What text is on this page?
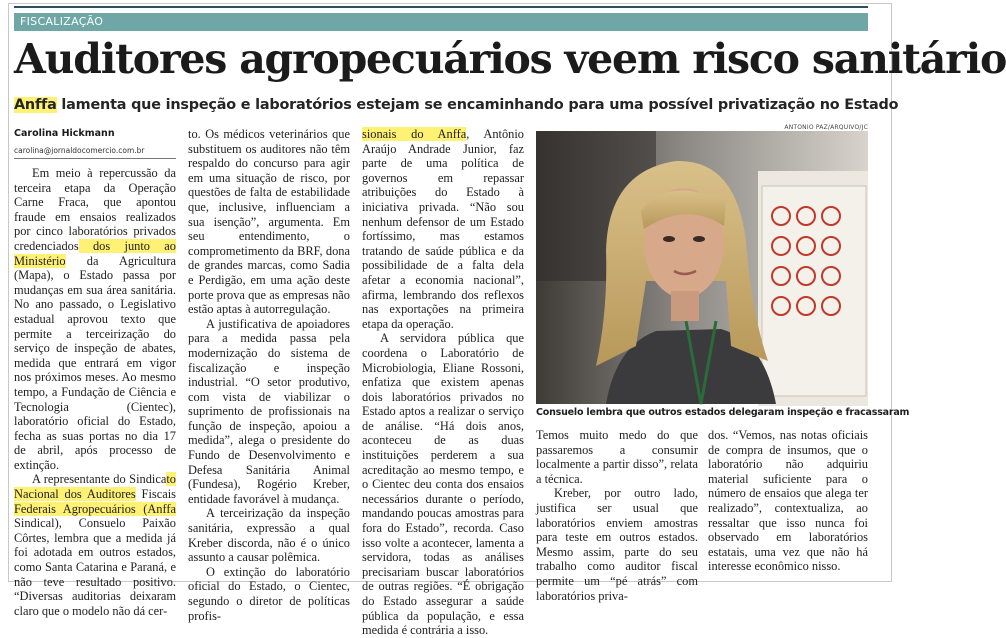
FISCALIZAÇÃO
Auditores agropecuários veem risco sanitário
Anffa lamenta que inspeção e laboratórios estejam se encaminhando para uma possível privatização no Estado
Carolina Hickmann
carolina@jornaldocomercio.com.br

Em meio à repercussão da terceira etapa da Operação Carne Fraca, que apontou fraude em ensaios realizados por cinco laboratórios privados credenciados dos junto ao Ministério da Agricultura (Mapa), o Estado passa por mudanças em sua área sanitária. No ano passado, o Legislativo estadual aprovou texto que permite a terceirização do serviço de inspeção de abates, medida que entrará em vigor nos próximos meses. Ao mesmo tempo, a Fundação de Ciência e Tecnologia (Cientec), laboratório oficial do Estado, fecha as suas portas no dia 17 de abril, após processo de extinção.

A representante do Sindicato Nacional dos Auditores Fiscais Federais Agropecuários (Anffa Sindical), Consuelo Paixão Côrtes, lembra que a medida já foi adotada em outros estados, como Santa Catarina e Paraná, e não teve resultado positivo. “Diversas auditorias deixaram claro que o modelo não dá cer-

to. Os médicos veterinários que substituem os auditores não têm respaldo do concurso para agir em uma situação de risco, por questões de falta de estabilidade que, inclusive, influenciam a sua isenção”, argumenta. Em seu entendimento, o comprometimento da BRF, dona de grandes marcas, como Sadia e Perdigão, em uma ação deste porte prova que as empresas não estão aptas à autorregulação.

A justificativa de apoiadores para a medida passa pela modernização do sistema de fiscalização e inspeção industrial. “O setor produtivo, com vista de viabilizar o suprimento de profissionais na função de inspeção, apoiou a medida”, alega o presidente do Fundo de Desenvolvimento e Defesa Sanitária Animal (Fundesa), Rogério Kreber, entidade favorável à mudança.

A terceirização da inspeção sanitária, expressão a qual Kreber discorda, não é o único assunto a causar polêmica.

O extinção do laboratório oficial do Estado, o Cientec, segundo o diretor de políticas profis-

sionais do Anffa, Antônio Araújo Andrade Junior, faz parte de uma política de governos em repassar atribuições do Estado à iniciativa privada. “Não sou nenhum defensor de um Estado fortíssimo, mas estamos tratando de saúde pública e da possibilidade de a falta dela afetar a economia nacional”, afirma, lembrando dos reflexos nas exportações na primeira etapa da operação.

A servidora pública que coordena o Laboratório de Microbiologia, Eliane Rossoni, enfatiza que existem apenas dois laboratórios privados no Estado aptos a realizar o serviço de análise. “Há dois anos, aconteceu de as duas instituições perderem a sua acreditação ao mesmo tempo, e o Cientec deu conta dos ensaios necessários durante o período, mandando poucas amostras para fora do Estado”, recorda. Caso isso volte a acontecer, lamenta a servidora, todas as análises precisariam buscar laboratórios de outras regiões. “É obrigação do Estado assegurar a saúde pública da população, e essa medida é contrária a isso.

ANTONIO PAZ/ARQUIVO/JC
Consuelo lembra que outros estados delegaram inspeção e fracassaram

Temos muito medo do que passaremos a consumir localmente a partir disso”, relata a técnica.

Kreber, por outro lado, justifica ser usual que laboratórios enviem amostras para teste em outros estados. Mesmo assim, parte do seu trabalho como auditor fiscal permite um “pé atrás” com laboratórios priva-

dos. “Vemos, nas notas oficiais de compra de insumos, que o laboratório não adquiriu material suficiente para o número de ensaios que alega ter realizado”, contextualiza, ao ressaltar que isso nunca foi observado em laboratórios estatais, uma vez que não há interesse econômico nisso.
